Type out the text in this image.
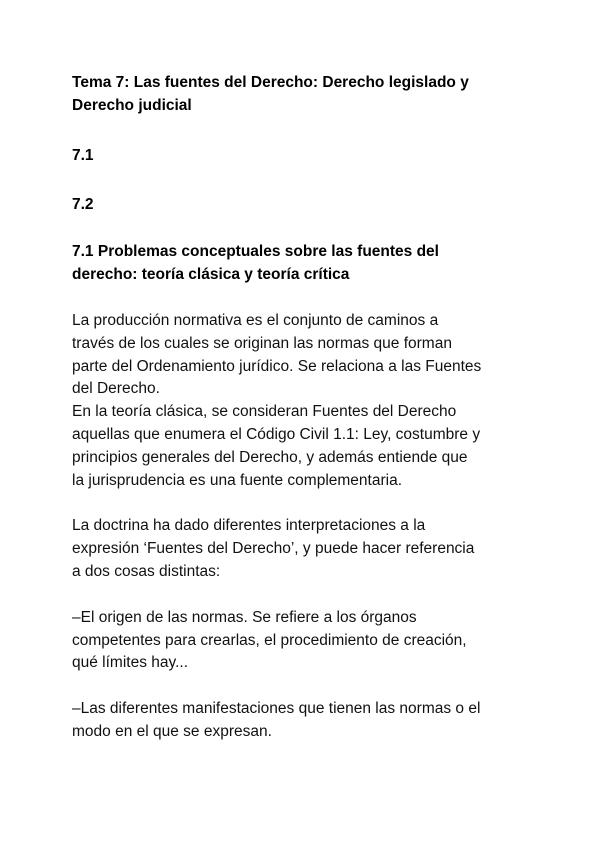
Tema 7: Las fuentes del Derecho: Derecho legislado y
Derecho judicial
7.1
7.2
7.1 Problemas conceptuales sobre las fuentes del
derecho: teoría clásica y teoría crítica

La producción normativa es el conjunto de caminos a
través de los cuales se originan las normas que forman
parte del Ordenamiento jurídico. Se relaciona a las Fuentes
del Derecho.
En la teoría clásica, se consideran Fuentes del Derecho
aquellas que enumera el Código Civil 1.1: Ley, costumbre y
principios generales del Derecho, y además entiende que
la jurisprudencia es una fuente complementaria.

La doctrina ha dado diferentes interpretaciones a la
expresión ‘Fuentes del Derecho’, y puede hacer referencia
a dos cosas distintas:

–El origen de las normas. Se refiere a los órganos
competentes para crearlas, el procedimiento de creación,
qué límites hay...

–Las diferentes manifestaciones que tienen las normas o el
modo en el que se expresan.
